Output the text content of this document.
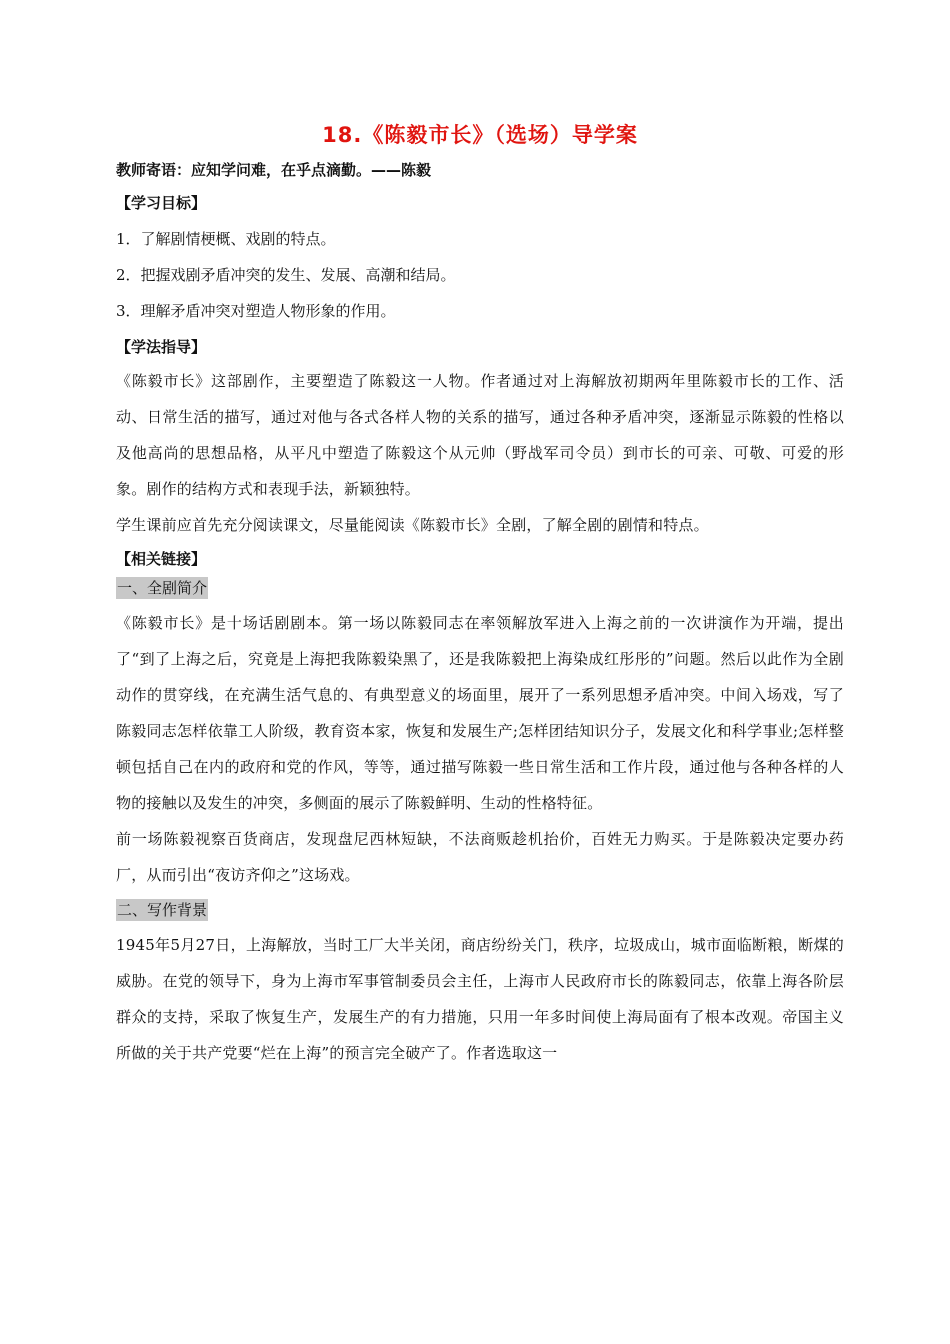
18.《陈毅市长》（选场）导学案
教师寄语：应知学问难，在乎点滴勤。——陈毅
【学习目标】
1．了解剧情梗概、戏剧的特点。
2．把握戏剧矛盾冲突的发生、发展、高潮和结局。
3．理解矛盾冲突对塑造人物形象的作用。
【学法指导】

《陈毅市长》这部剧作，主要塑造了陈毅这一人物。作者通过对上海解放初期两年里陈毅市长的工作、活动、日常生活的描写，通过对他与各式各样人物的关系的描写，通过各种矛盾冲突，逐渐显示陈毅的性格以及他高尚的思想品格，从平凡中塑造了陈毅这个从元帅（野战军司令员）到市长的可亲、可敬、可爱的形象。剧作的结构方式和表现手法，新颖独特。

学生课前应首先充分阅读课文，尽量能阅读《陈毅市长》全剧，了解全剧的剧情和特点。

【相关链接】
一、全剧简介

《陈毅市长》是十场话剧剧本。第一场以陈毅同志在率领解放军进入上海之前的一次讲演作为开端，提出了“到了上海之后，究竟是上海把我陈毅染黑了，还是我陈毅把上海染成红彤彤的”问题。然后以此作为全剧动作的贯穿线，在充满生活气息的、有典型意义的场面里，展开了一系列思想矛盾冲突。中间入场戏，写了陈毅同志怎样依靠工人阶级，教育资本家，恢复和发展生产;怎样团结知识分子，发展文化和科学事业;怎样整顿包括自己在内的政府和党的作风，等等，通过描写陈毅一些日常生活和工作片段，通过他与各种各样的人物的接触以及发生的冲突，多侧面的展示了陈毅鲜明、生动的性格特征。

前一场陈毅视察百货商店，发现盘尼西林短缺，不法商贩趁机抬价，百姓无力购买。于是陈毅决定要办药厂，从而引出“夜访齐仰之”这场戏。

二、写作背景

1945年5月27日，上海解放，当时工厂大半关闭，商店纷纷关门，秩序，垃圾成山，城市面临断粮，断煤的威胁。在党的领导下，身为上海市军事管制委员会主任，上海市人民政府市长的陈毅同志，依靠上海各阶层群众的支持，采取了恢复生产，发展生产的有力措施，只用一年多时间使上海局面有了根本改观。帝国主义所做的关于共产党要“烂在上海”的预言完全破产了。作者选取这一
